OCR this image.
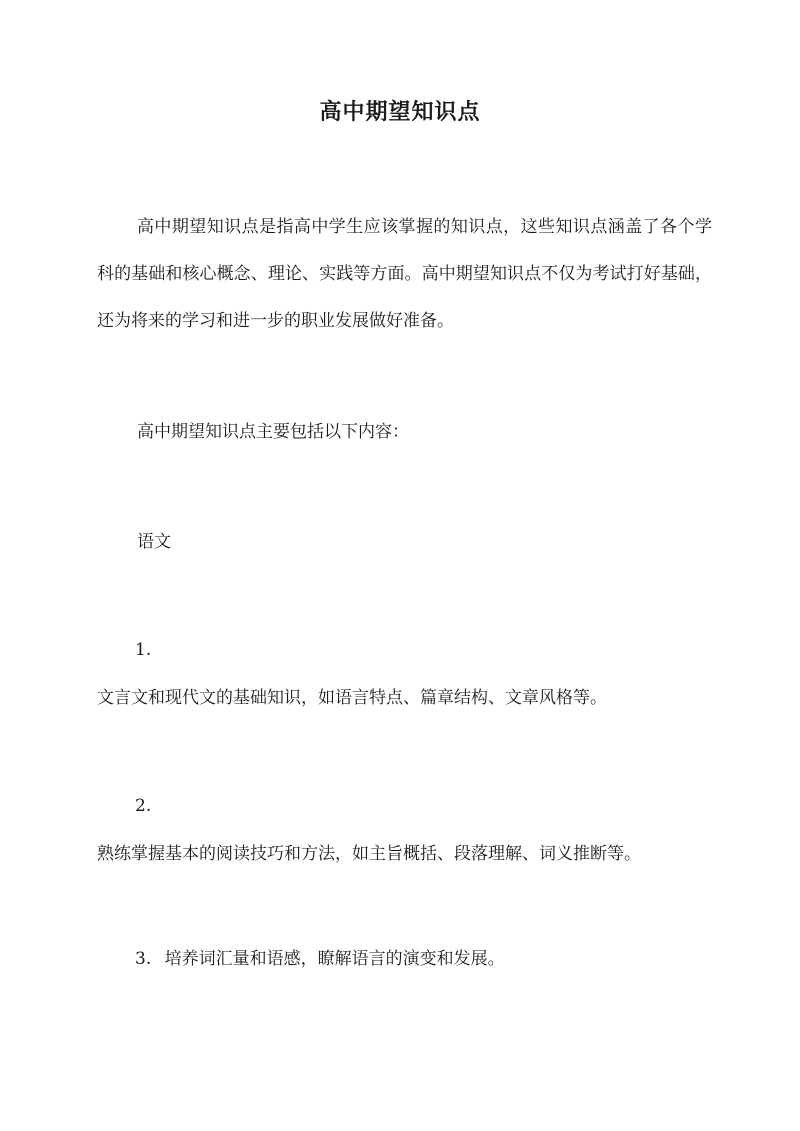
高中期望知识点

高中期望知识点是指高中学生应该掌握的知识点，这些知识点涵盖了各个学科的基础和核心概念、理论、实践等方面。高中期望知识点不仅为考试打好基础，还为将来的学习和进一步的职业发展做好准备。

高中期望知识点主要包括以下内容：

语文

1.

文言文和现代文的基础知识，如语言特点、篇章结构、文章风格等。

2.

熟练掌握基本的阅读技巧和方法，如主旨概括、段落理解、词义推断等。

3. 培养词汇量和语感，瞭解语言的演变和发展。
